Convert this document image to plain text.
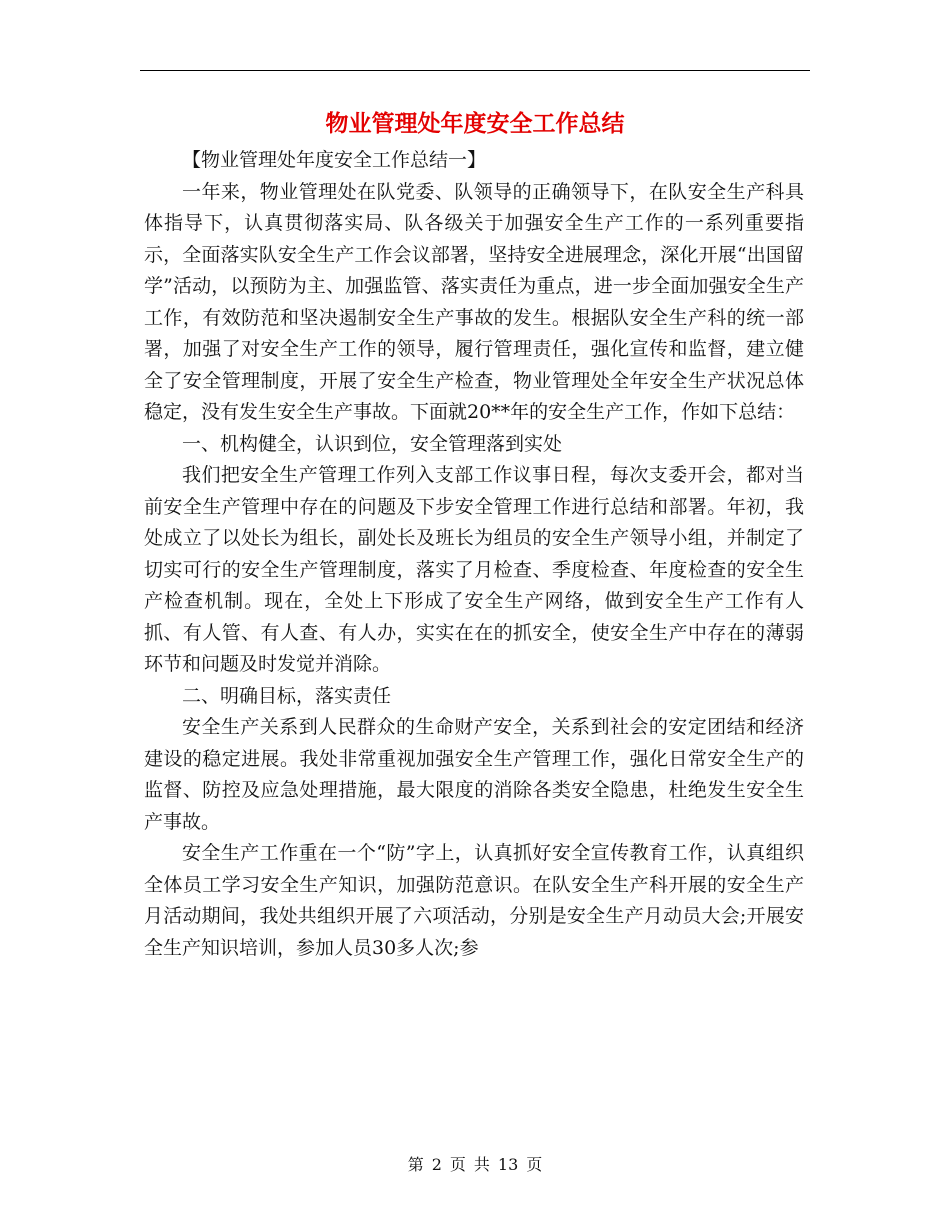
物业管理处年度安全工作总结

【物业管理处年度安全工作总结一】

一年来，物业管理处在队党委、队领导的正确领导下，在队安全生产科具体指导下，认真贯彻落实局、队各级关于加强安全生产工作的一系列重要指示，全面落实队安全生产工作会议部署，坚持安全进展理念，深化开展“出国留学”活动，以预防为主、加强监管、落实责任为重点，进一步全面加强安全生产工作，有效防范和坚决遏制安全生产事故的发生。根据队安全生产科的统一部署，加强了对安全生产工作的领导，履行管理责任，强化宣传和监督，建立健全了安全管理制度，开展了安全生产检查，物业管理处全年安全生产状况总体稳定，没有发生安全生产事故。下面就20**年的安全生产工作，作如下总结：

一、机构健全，认识到位，安全管理落到实处

我们把安全生产管理工作列入支部工作议事日程，每次支委开会，都对当前安全生产管理中存在的问题及下步安全管理工作进行总结和部署。年初，我处成立了以处长为组长，副处长及班长为组员的安全生产领导小组，并制定了切实可行的安全生产管理制度，落实了月检查、季度检查、年度检查的安全生产检查机制。现在，全处上下形成了安全生产网络，做到安全生产工作有人抓、有人管、有人查、有人办，实实在在的抓安全，使安全生产中存在的薄弱环节和问题及时发觉并消除。

二、明确目标，落实责任

安全生产关系到人民群众的生命财产安全，关系到社会的安定团结和经济建设的稳定进展。我处非常重视加强安全生产管理工作，强化日常安全生产的监督、防控及应急处理措施，最大限度的消除各类安全隐患，杜绝发生安全生产事故。

安全生产工作重在一个“防”字上，认真抓好安全宣传教育工作，认真组织全体员工学习安全生产知识，加强防范意识。在队安全生产科开展的安全生产月活动期间，我处共组织开展了六项活动，分别是安全生产月动员大会;开展安全生产知识培训，参加人员30多人次;参

第 2 页 共 13 页
